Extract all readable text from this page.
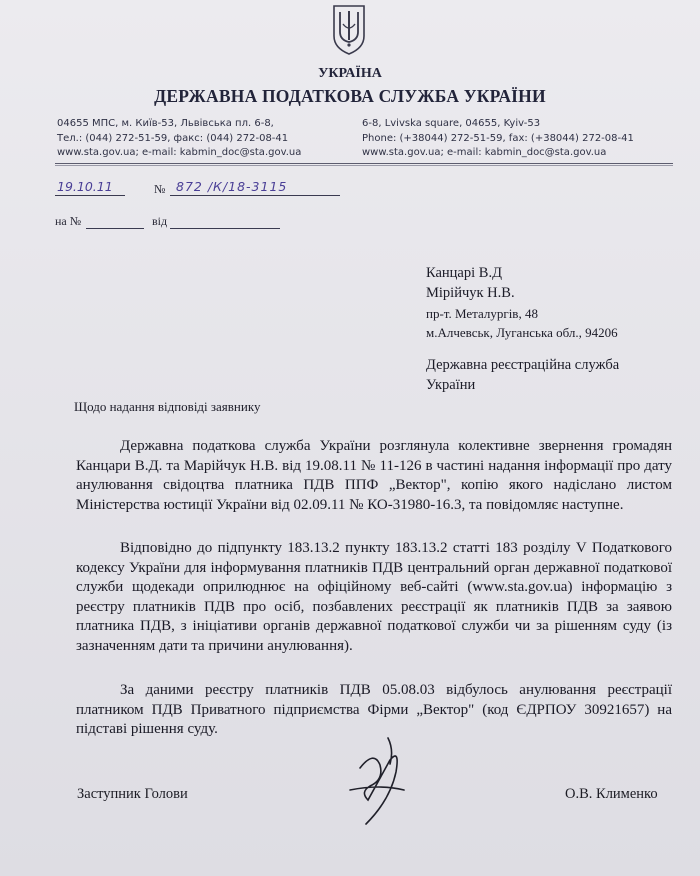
УКРАЇНА
ДЕРЖАВНА ПОДАТКОВА СЛУЖБА УКРАЇНИ
04655 МПС, м. Київ-53, Львівська пл. 6-8,
Тел.: (044) 272-51-59, факс: (044) 272-08-41
www.sta.gov.ua; e-mail: kabmin_doc@sta.gov.ua
6-8, Lvivska square, 04655, Kyiv-53
Phone: (+38044) 272-51-59, fax: (+38044) 272-08-41
www.sta.gov.ua; e-mail: kabmin_doc@sta.gov.ua
19.10.11	№ 872 /К/18-3115
на №	від
Канцарі В.Д
Мірійчук Н.В.
пр-т. Металургів, 48
м.Алчевськ, Луганська обл., 94206
Державна реєстраційна служба
України
Щодо надання відповіді заявнику
Державна податкова служба України розглянула колективне звернення громадян Канцари В.Д. та Марійчук Н.В. від 19.08.11 № 11-126 в частині надання інформації про дату анулювання свідоцтва платника ПДВ ППФ „Вектор", копію якого надіслано листом Міністерства юстиції України від 02.09.11 № КО-31980-16.3, та повідомляє наступне.
Відповідно до підпункту 183.13.2 пункту 183.13.2 статті 183 розділу V Податкового кодексу України для інформування платників ПДВ центральний орган державної податкової служби щодекади оприлюднює на офіційному веб-сайті (www.sta.gov.ua) інформацію з реєстру платників ПДВ про осіб, позбавлених реєстрації як платників ПДВ за заявою платника ПДВ, з ініціативи органів державної податкової служби чи за рішенням суду (із зазначенням дати та причини анулювання).
За даними реєстру платників ПДВ 05.08.03 відбулось анулювання реєстрації платником ПДВ Приватного підприємства Фірми „Вектор" (код ЄДРПОУ 30921657) на підставі рішення суду.
Заступник Голови	О.В. Клименко
